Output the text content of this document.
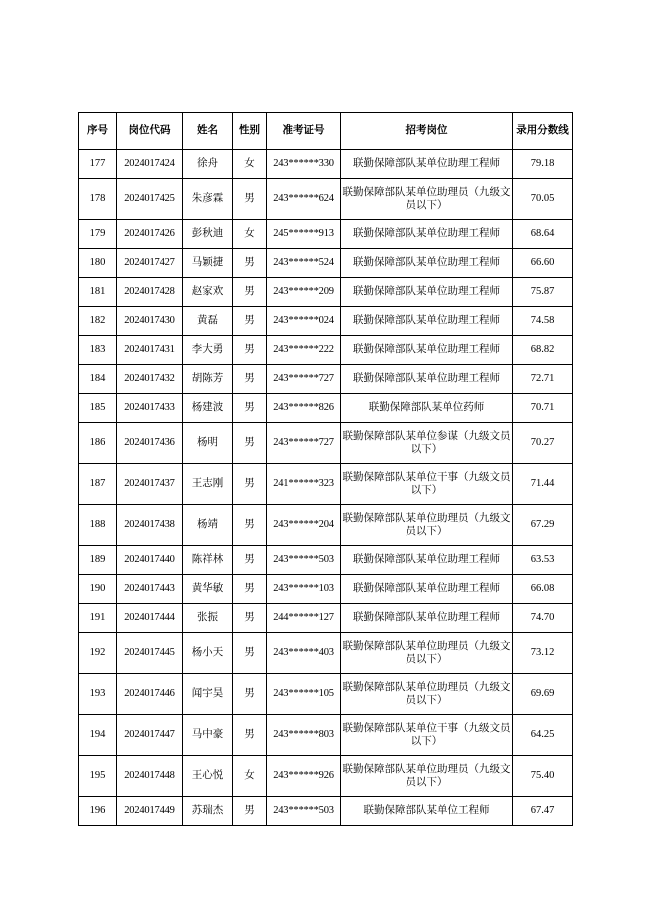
序号	岗位代码	姓名	性别	准考证号	招考岗位	录用分数线
177	2024017424	徐舟	女	243******330	联勤保障部队某单位助理工程师	79.18
178	2024017425	朱彦霖	男	243******624	联勤保障部队某单位助理员（九级文员以下）	70.05
179	2024017426	彭秋迪	女	245******913	联勤保障部队某单位助理工程师	68.64
180	2024017427	马颖捷	男	243******524	联勤保障部队某单位助理工程师	66.60
181	2024017428	赵家欢	男	243******209	联勤保障部队某单位助理工程师	75.87
182	2024017430	黄磊	男	243******024	联勤保障部队某单位助理工程师	74.58
183	2024017431	李大勇	男	243******222	联勤保障部队某单位助理工程师	68.82
184	2024017432	胡陈芳	男	243******727	联勤保障部队某单位助理工程师	72.71
185	2024017433	杨建波	男	243******826	联勤保障部队某单位药师	70.71
186	2024017436	杨明	男	243******727	联勤保障部队某单位参谋（九级文员以下）	70.27
187	2024017437	王志刚	男	241******323	联勤保障部队某单位干事（九级文员以下）	71.44
188	2024017438	杨靖	男	243******204	联勤保障部队某单位助理员（九级文员以下）	67.29
189	2024017440	陈祥林	男	243******503	联勤保障部队某单位助理工程师	63.53
190	2024017443	黄华敏	男	243******103	联勤保障部队某单位助理工程师	66.08
191	2024017444	张振	男	244******127	联勤保障部队某单位助理工程师	74.70
192	2024017445	杨小天	男	243******403	联勤保障部队某单位助理员（九级文员以下）	73.12
193	2024017446	闻宇昊	男	243******105	联勤保障部队某单位助理员（九级文员以下）	69.69
194	2024017447	马中豪	男	243******803	联勤保障部队某单位干事（九级文员以下）	64.25
195	2024017448	王心悦	女	243******926	联勤保障部队某单位助理员（九级文员以下）	75.40
196	2024017449	苏瑞杰	男	243******503	联勤保障部队某单位工程师	67.47
